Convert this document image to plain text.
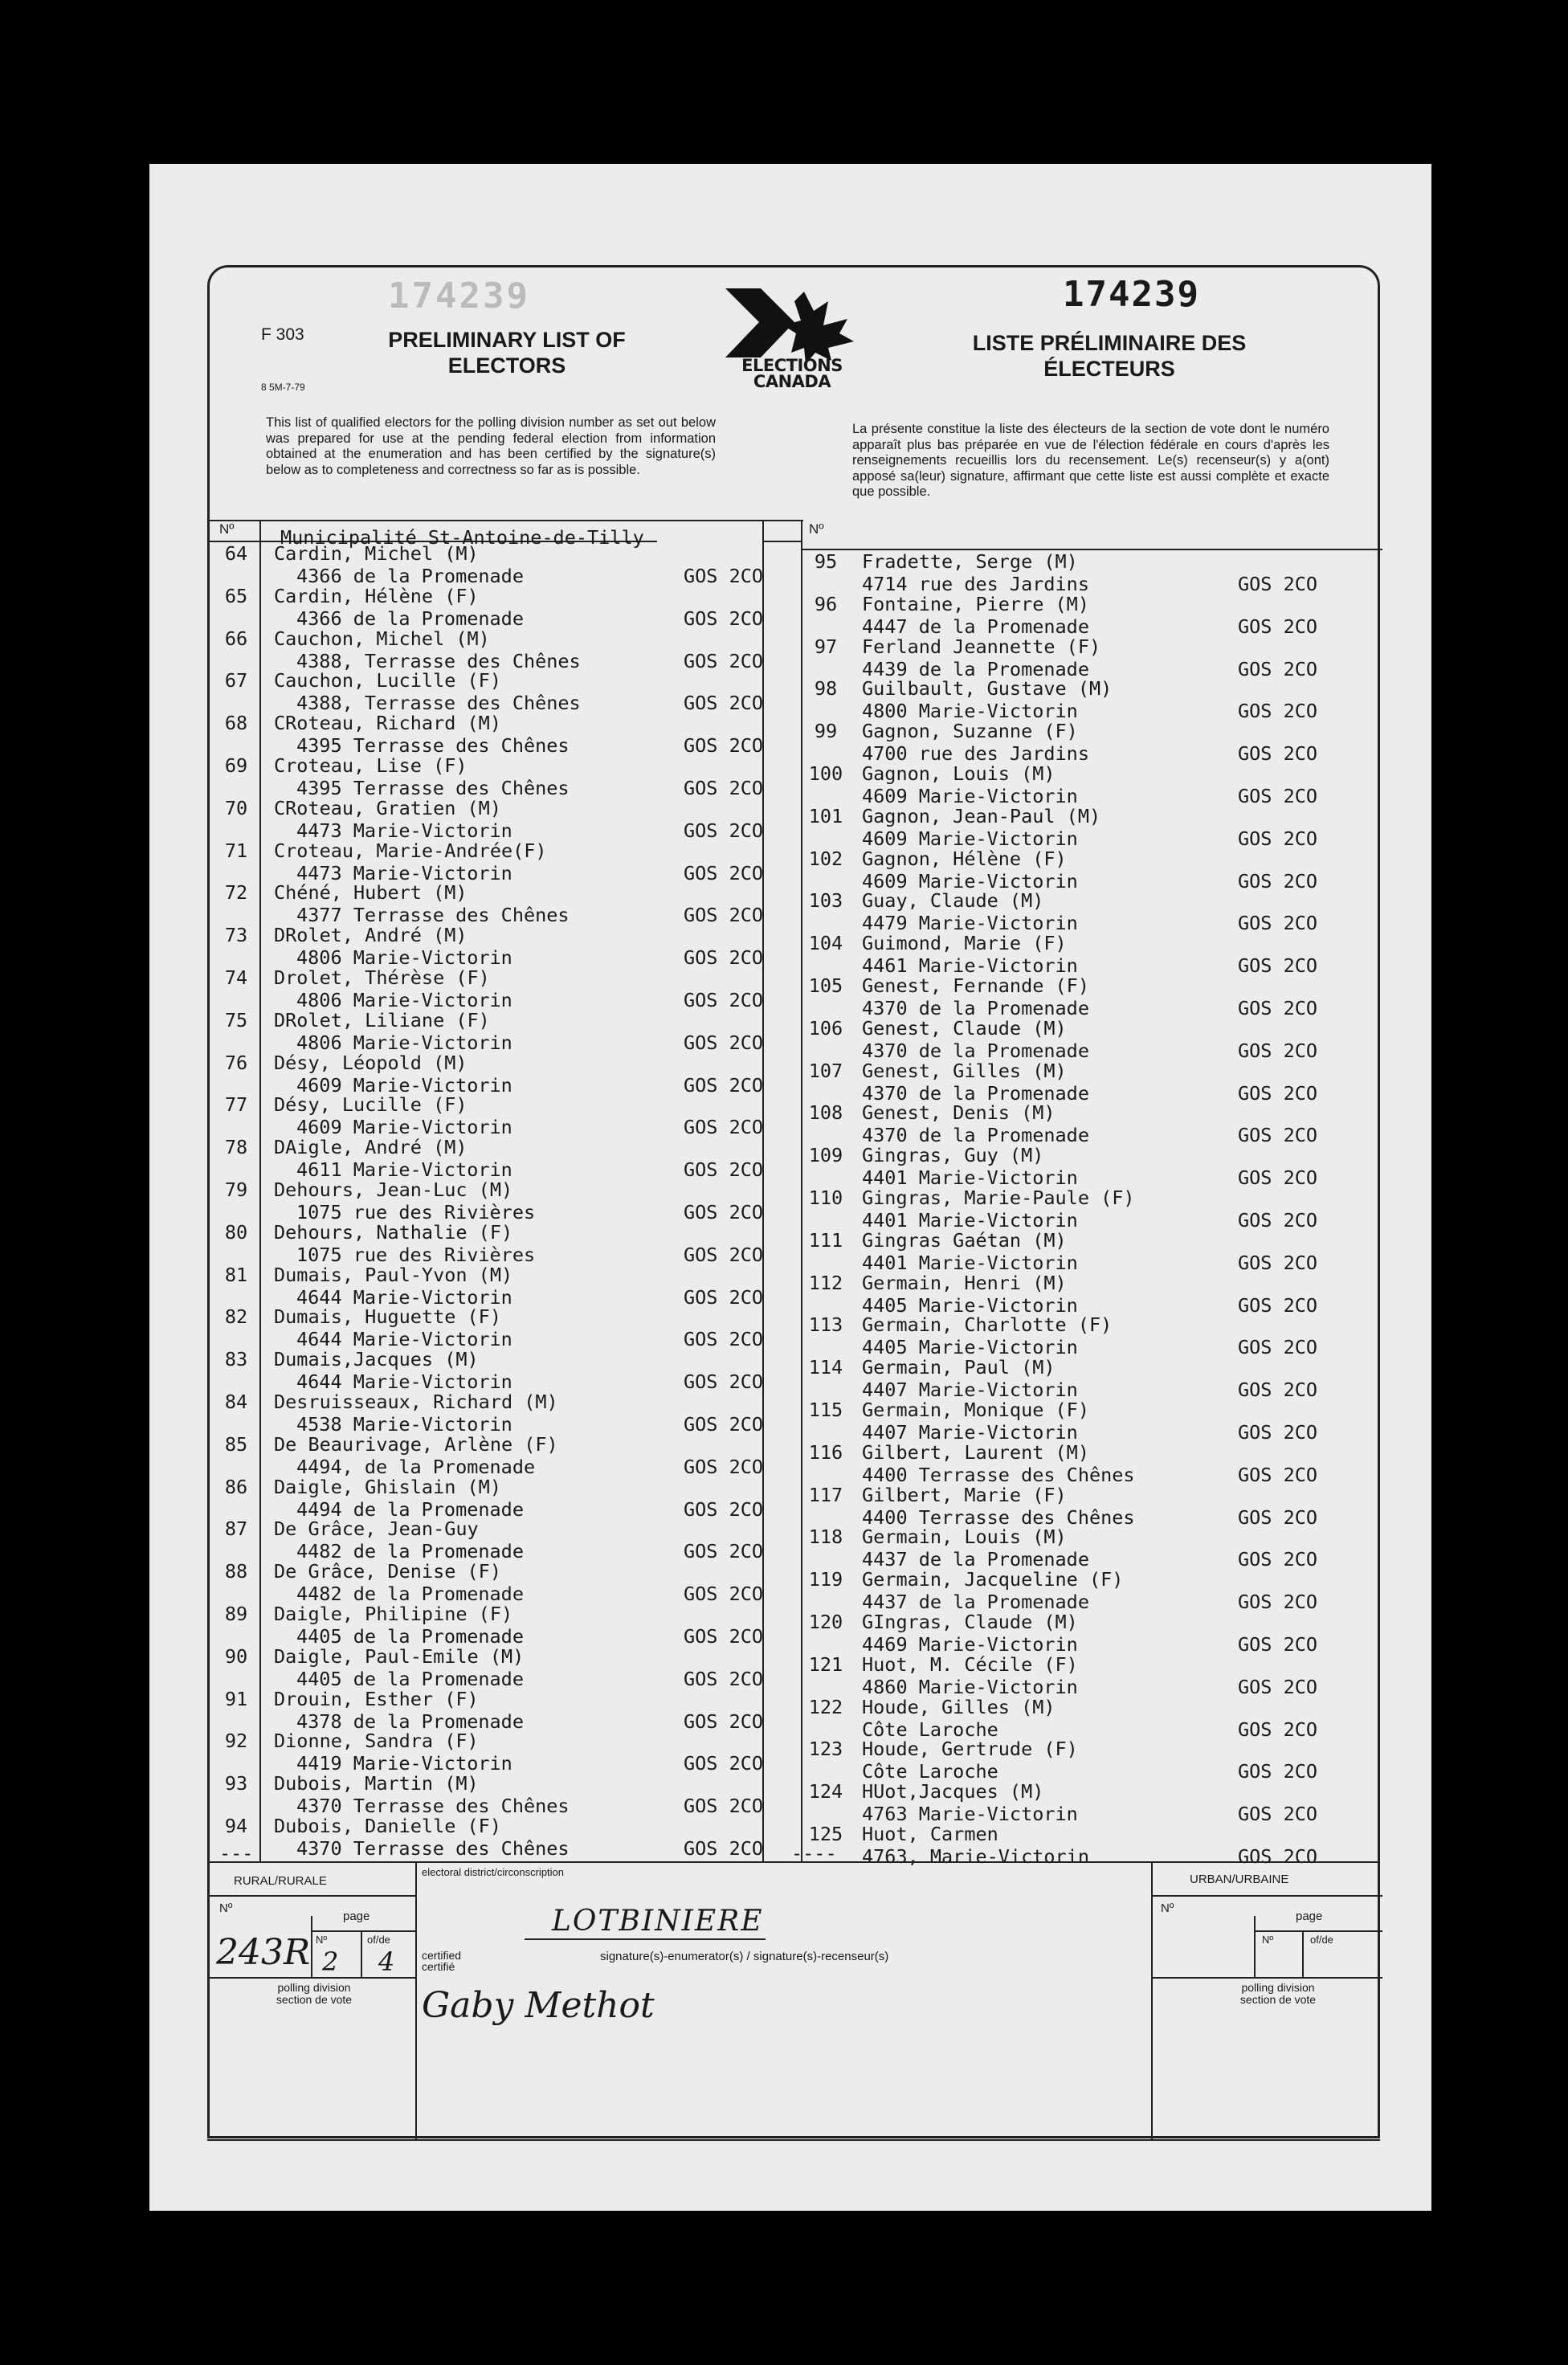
174239	174239
F 303
8 5M-7-79
PRELIMINARY LIST OF ELECTORS
LISTE PRÉLIMINAIRE DES ÉLECTEURS
ELECTIONS
CANADA
This list of qualified electors for the polling division number as set out below was prepared for use at the pending federal election from information obtained at the enumeration and has been certified by the signature(s) below as to completeness and correctness so far as is possible.
La présente constitue la liste des électeurs de la section de vote dont le numéro apparaît plus bas préparée en vue de l'élection fédérale en cours d'après les renseignements recueillis lors du recensement. Le(s) recenseur(s) y a(ont) apposé sa(leur) signature, affirmant que cette liste est aussi complète et exacte que possible.
Nº	Nº
Municipalité St-Antoine-de-Tilly
64	Cardin, Michel (M)
4366 de la Promenade	GOS 2CO
65	Cardin, Hélène (F)
4366 de la Promenade	GOS 2CO
66	Cauchon, Michel (M)
4388, Terrasse des Chênes	GOS 2CO
67	Cauchon, Lucille (F)
4388, Terrasse des Chênes	GOS 2CO
68	CRoteau, Richard (M)
4395 Terrasse des Chênes	GOS 2CO
69	Croteau, Lise (F)
4395 Terrasse des Chênes	GOS 2CO
70	CRoteau, Gratien (M)
4473 Marie-Victorin	GOS 2CO
71	Croteau, Marie-Andrée(F)
4473 Marie-Victorin	GOS 2CO
72	Chéné, Hubert (M)
4377 Terrasse des Chênes	GOS 2CO
73	DRolet, André (M)
4806 Marie-Victorin	GOS 2CO
74	Drolet, Thérèse (F)
4806 Marie-Victorin	GOS 2CO
75	DRolet, Liliane (F)
4806 Marie-Victorin	GOS 2CO
76	Désy, Léopold (M)
4609 Marie-Victorin	GOS 2CO
77	Désy, Lucille (F)
4609 Marie-Victorin	GOS 2CO
78	DAigle, André (M)
4611 Marie-Victorin	GOS 2CO
79	Dehours, Jean-Luc (M)
1075 rue des Rivières	GOS 2CO
80	Dehours, Nathalie (F)
1075 rue des Rivières	GOS 2CO
81	Dumais, Paul-Yvon (M)
4644 Marie-Victorin	GOS 2CO
82	Dumais, Huguette (F)
4644 Marie-Victorin	GOS 2CO
83	Dumais,Jacques (M)
4644 Marie-Victorin	GOS 2CO
84	Desruisseaux, Richard (M)
4538 Marie-Victorin	GOS 2CO
85	De Beaurivage, Arlène (F)
4494, de la Promenade	GOS 2CO
86	Daigle, Ghislain (M)
4494 de la Promenade	GOS 2CO
87	De Grâce, Jean-Guy
4482 de la Promenade	GOS 2CO
88	De Grâce, Denise (F)
4482 de la Promenade	GOS 2CO
89	Daigle, Philipine (F)
4405 de la Promenade	GOS 2CO
90	Daigle, Paul-Emile (M)
4405 de la Promenade	GOS 2CO
91	Drouin, Esther (F)
4378 de la Promenade	GOS 2CO
92	Dionne, Sandra (F)
4419 Marie-Victorin	GOS 2CO
93	Dubois, Martin (M)
4370 Terrasse des Chênes	GOS 2CO
94	Dubois, Danielle (F)
4370 Terrasse des Chênes	GOS 2CO
95	Fradette, Serge (M)
4714 rue des Jardins	GOS 2CO
96	Fontaine, Pierre (M)
4447 de la Promenade	GOS 2CO
97	Ferland Jeannette (F)
4439 de la Promenade	GOS 2CO
98	Guilbault, Gustave (M)
4800 Marie-Victorin	GOS 2CO
99	Gagnon, Suzanne (F)
4700 rue des Jardins	GOS 2CO
100	Gagnon, Louis (M)
4609 Marie-Victorin	GOS 2CO
101	Gagnon, Jean-Paul (M)
4609 Marie-Victorin	GOS 2CO
102	Gagnon, Hélène (F)
4609 Marie-Victorin	GOS 2CO
103	Guay, Claude (M)
4479 Marie-Victorin	GOS 2CO
104	Guimond, Marie (F)
4461 Marie-Victorin	GOS 2CO
105	Genest, Fernande (F)
4370 de la Promenade	GOS 2CO
106	Genest, Claude (M)
4370 de la Promenade	GOS 2CO
107	Genest, Gilles (M)
4370 de la Promenade	GOS 2CO
108	Genest, Denis (M)
4370 de la Promenade	GOS 2CO
109	Gingras, Guy (M)
4401 Marie-Victorin	GOS 2CO
110	Gingras, Marie-Paule (F)
4401 Marie-Victorin	GOS 2CO
111	Gingras Gaétan (M)
4401 Marie-Victorin	GOS 2CO
112	Germain, Henri (M)
4405 Marie-Victorin	GOS 2CO
113	Germain, Charlotte (F)
4405 Marie-Victorin	GOS 2CO
114	Germain, Paul (M)
4407 Marie-Victorin	GOS 2CO
115	Germain, Monique (F)
4407 Marie-Victorin	GOS 2CO
116	Gilbert, Laurent (M)
4400 Terrasse des Chênes	GOS 2CO
117	Gilbert, Marie (F)
4400 Terrasse des Chênes	GOS 2CO
118	Germain, Louis (M)
4437 de la Promenade	GOS 2CO
119	Germain, Jacqueline (F)
4437 de la Promenade	GOS 2CO
120	GIngras, Claude (M)
4469 Marie-Victorin	GOS 2CO
121	Huot, M. Cécile (F)
4860 Marie-Victorin	GOS 2CO
122	Houde, Gilles (M)
Côte Laroche	GOS 2CO
123	Houde, Gertrude (F)
Côte Laroche	GOS 2CO
124	HUot,Jacques (M)
4763 Marie-Victorin	GOS 2CO
125	Huot, Carmen
4763, Marie-Victorin	GOS 2CO
---	----
RURAL/RURALE
Nº
page
Nº	of/de
243R 2 4
polling division
section de vote
electoral district/circonscription
LOTBINIERE
certified
certifié
signature(s)-enumerator(s) / signature(s)-recenseur(s)
Gaby Methot
URBAN/URBAINE
Nº
page
Nº	of/de
polling division
section de vote
